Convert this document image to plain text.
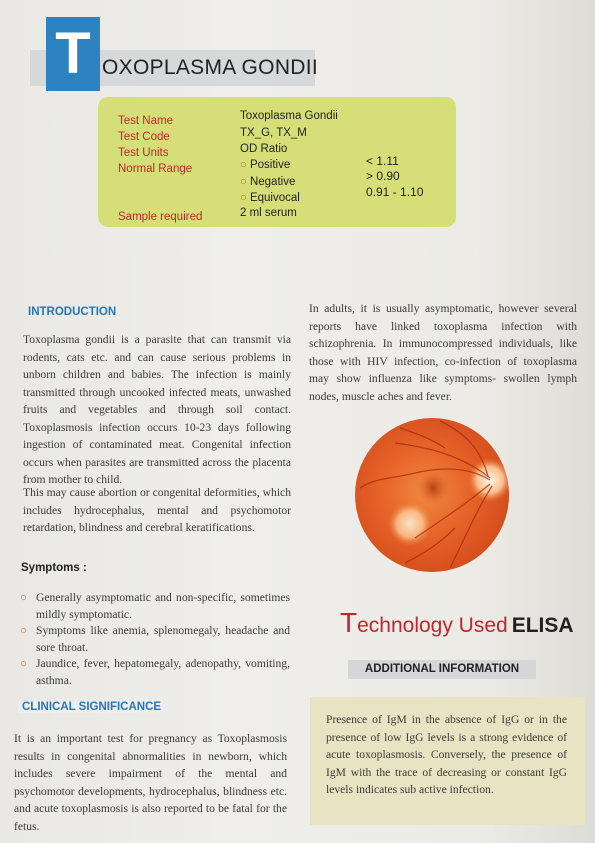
T OXOPLASMA GONDII
Test Name	Toxoplasma Gondii
Test Code	TX_G, TX_M
Test Units	OD Ratio
Normal Range	○ Positive	< 1.11
○ Negative	> 0.90
○ Equivocal	0.91 - 1.10
Sample required	2 ml serum
INTRODUCTION
Toxoplasma gondii is a parasite that can transmit via rodents, cats etc. and can cause serious problems in unborn children and babies. The infection is mainly transmitted through uncooked infected meats, unwashed fruits and vegetables and through soil contact. Toxoplasmosis infection occurs 10-23 days following ingestion of contaminated meat. Congenital infection occurs when parasites are transmitted across the placenta from mother to child.
This may cause abortion or congenital deformities, which includes hydrocephalus, mental and psychomotor retardation, blindness and cerebral keratifications.
In adults, it is usually asymptomatic, however several reports have linked toxoplasma infection with schizophrenia. In immunocompressed individuals, like those with HIV infection, co-infection of toxoplasma may show influenza like symptoms- swollen lymph nodes, muscle aches and fever.
Symptoms :
○ Generally asymptomatic and non-specific, sometimes mildly symptomatic.
○ Symptoms like anemia, splenomegaly, headache and sore throat.
○ Jaundice, fever, hepatomegaly, adenopathy, vomiting, asthma.
CLINICAL SIGNIFICANCE
It is an important test for pregnancy as Toxoplasmosis results in congenital abnormalities in newborn, which includes severe impairment of the mental and psychomotor developments, hydrocephalus, blindness etc. and acute toxoplasmosis is also reported to be fatal for the fetus.
Technology Used ELISA
ADDITIONAL INFORMATION
Presence of IgM in the absence of IgG or in the presence of low IgG levels is a strong evidence of acute toxoplasmosis. Conversely, the presence of IgM with the trace of decreasing or constant IgG levels indicates sub active infection.
